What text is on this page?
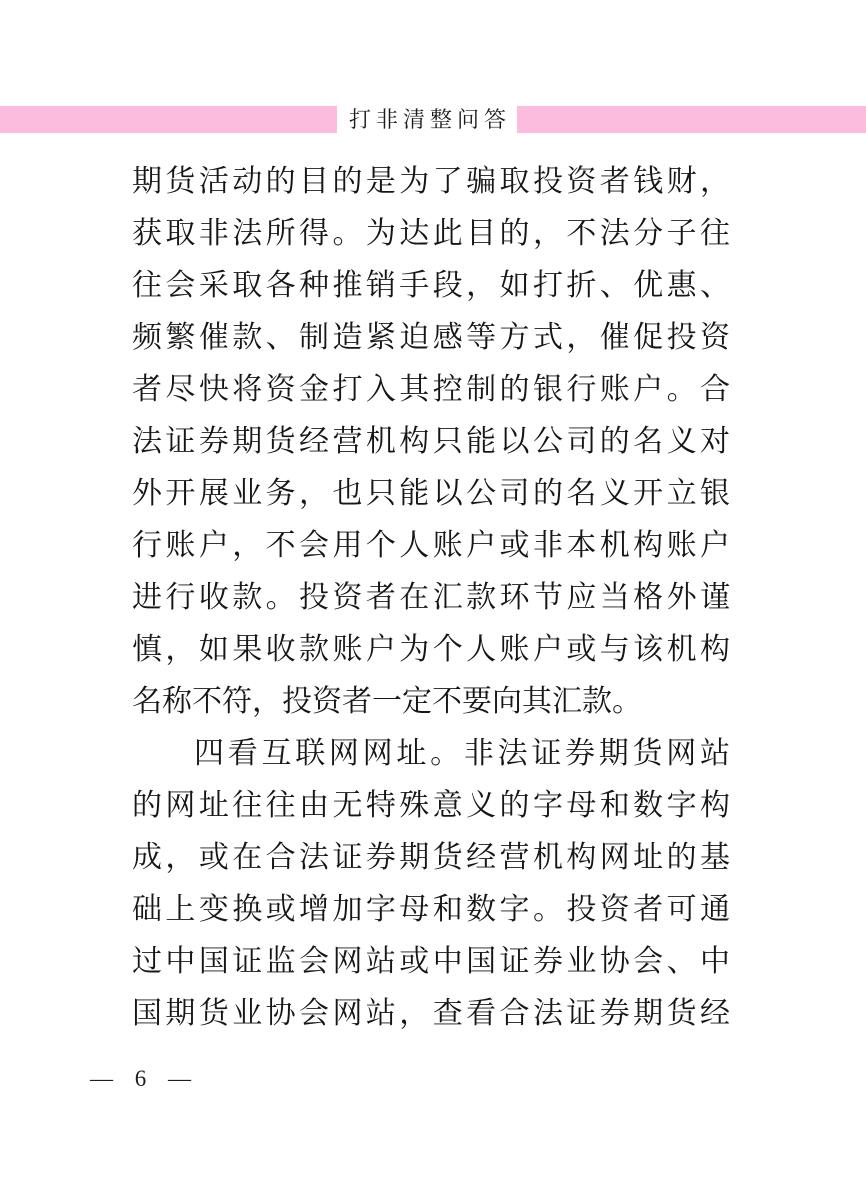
打非清整问答
期货活动的目的是为了骗取投资者钱财，
获取非法所得。为达此目的，不法分子往
往会采取各种推销手段，如打折、优惠、
频繁催款、制造紧迫感等方式，催促投资
者尽快将资金打入其控制的银行账户。合
法证券期货经营机构只能以公司的名义对
外开展业务，也只能以公司的名义开立银
行账户，不会用个人账户或非本机构账户
进行收款。投资者在汇款环节应当格外谨
慎，如果收款账户为个人账户或与该机构
名称不符，投资者一定不要向其汇款。
四看互联网网址。非法证券期货网站
的网址往往由无特殊意义的字母和数字构
成，或在合法证券期货经营机构网址的基
础上变换或增加字母和数字。投资者可通
过中国证监会网站或中国证券业协会、中
国期货业协会网站，查看合法证券期货经
— 6 —
